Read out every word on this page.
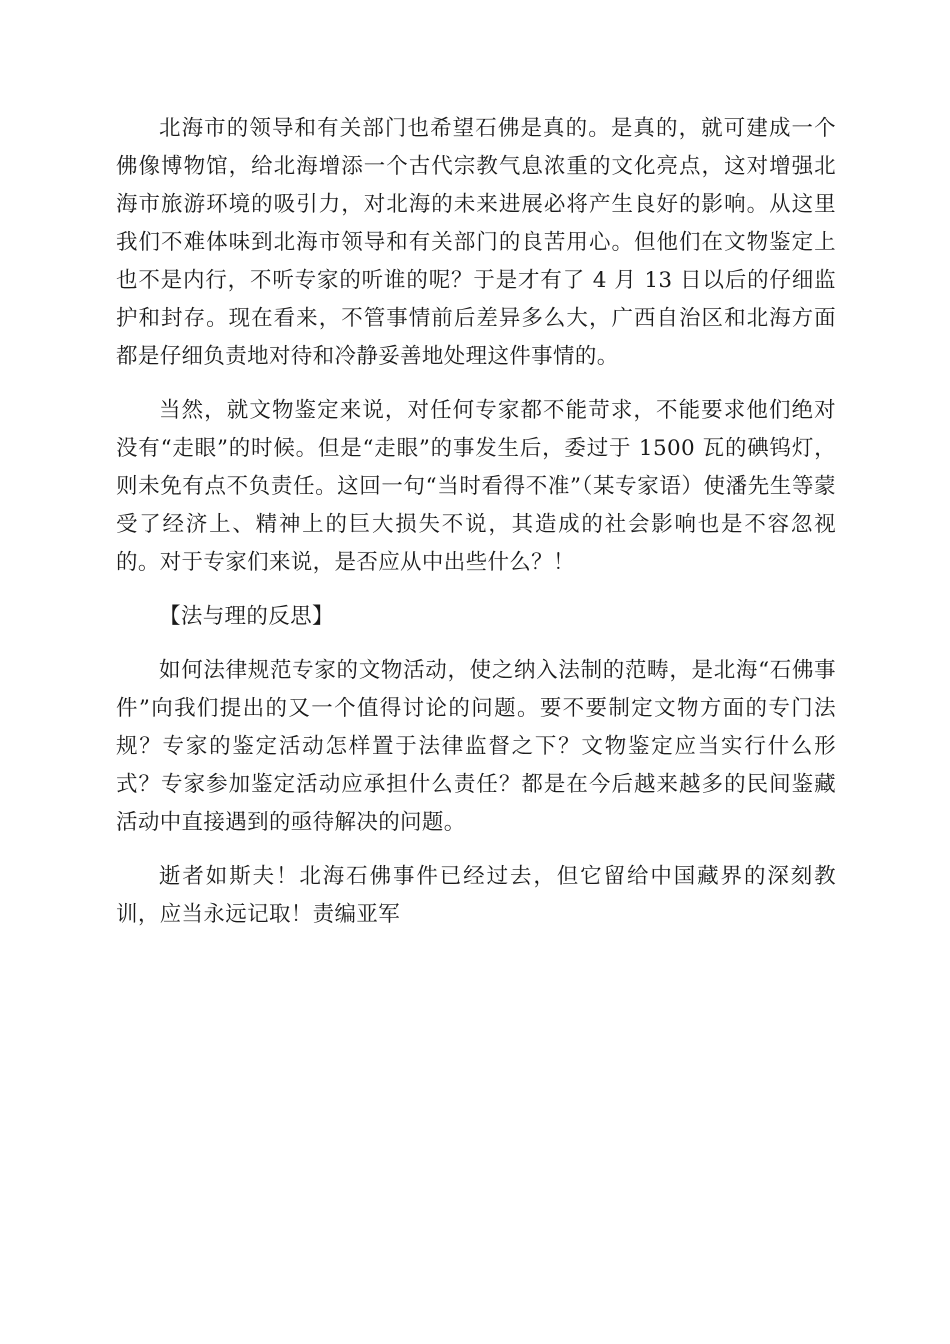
北海市的领导和有关部门也希望石佛是真的。是真的，就可建成一个佛像博物馆，给北海增添一个古代宗教气息浓重的文化亮点，这对增强北海市旅游环境的吸引力，对北海的未来进展必将产生良好的影响。从这里我们不难体味到北海市领导和有关部门的良苦用心。但他们在文物鉴定上也不是内行，不听专家的听谁的呢？于是才有了 4 月 13 日以后的仔细监护和封存。现在看来，不管事情前后差异多么大，广西自治区和北海方面都是仔细负责地对待和冷静妥善地处理这件事情的。

当然，就文物鉴定来说，对任何专家都不能苛求，不能要求他们绝对没有“走眼”的时候。但是“走眼”的事发生后，委过于 1500 瓦的碘钨灯，则未免有点不负责任。这回一句“当时看得不准”（某专家语）使潘先生等蒙受了经济上、精神上的巨大损失不说，其造成的社会影响也是不容忽视的。对于专家们来说，是否应从中出些什么？！

【法与理的反思】

如何法律规范专家的文物活动，使之纳入法制的范畴，是北海“石佛事件”向我们提出的又一个值得讨论的问题。要不要制定文物方面的专门法规？专家的鉴定活动怎样置于法律监督之下？文物鉴定应当实行什么形式？专家参加鉴定活动应承担什么责任？都是在今后越来越多的民间鉴藏活动中直接遇到的亟待解决的问题。

逝者如斯夫！北海石佛事件已经过去，但它留给中国藏界的深刻教训，应当永远记取！责编亚军
